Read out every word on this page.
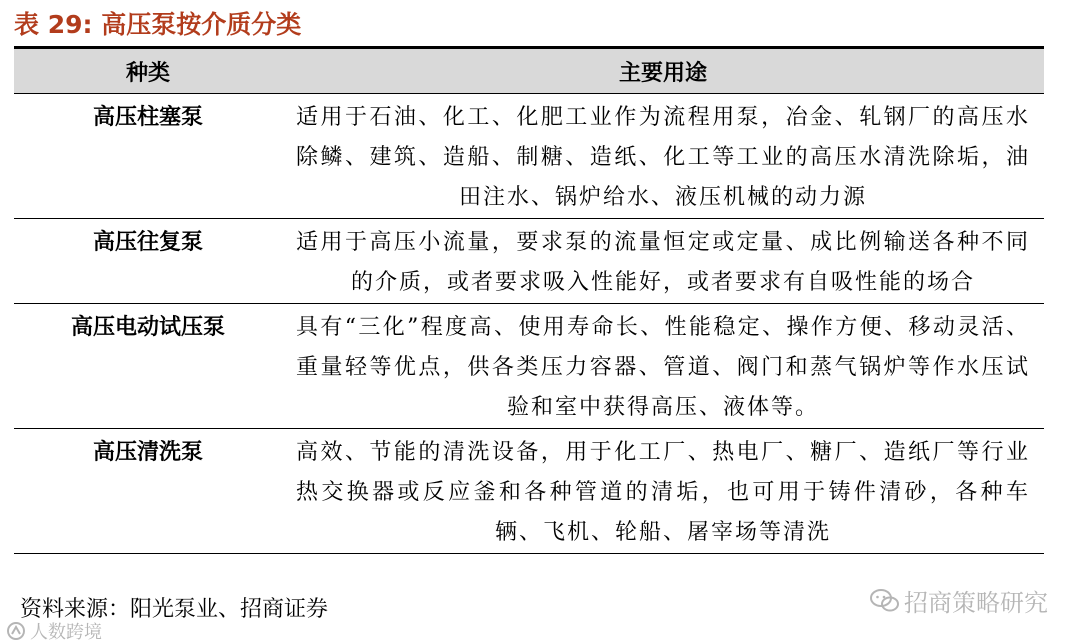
表 29: 高压泵按介质分类
种类	主要用途
高压柱塞泵	适用于石油、化工、化肥工业作为流程用泵，冶金、轧钢厂的高压水除鳞、建筑、造船、制糖、造纸、化工等工业的高压水清洗除垢，油田注水、锅炉给水、液压机械的动力源
高压往复泵	适用于高压小流量，要求泵的流量恒定或定量、成比例输送各种不同的介质，或者要求吸入性能好，或者要求有自吸性能的场合
高压电动试压泵	具有“三化”程度高、使用寿命长、性能稳定、操作方便、移动灵活、重量轻等优点，供各类压力容器、管道、阀门和蒸气锅炉等作水压试验和室中获得高压、液体等。
高压清洗泵	高效、节能的清洗设备，用于化工厂、热电厂、糖厂、造纸厂等行业热交换器或反应釜和各种管道的清垢，也可用于铸件清砂，各种车辆、飞机、轮船、屠宰场等清洗
资料来源：阳光泵业、招商证券	招商策略研究
人数跨境
